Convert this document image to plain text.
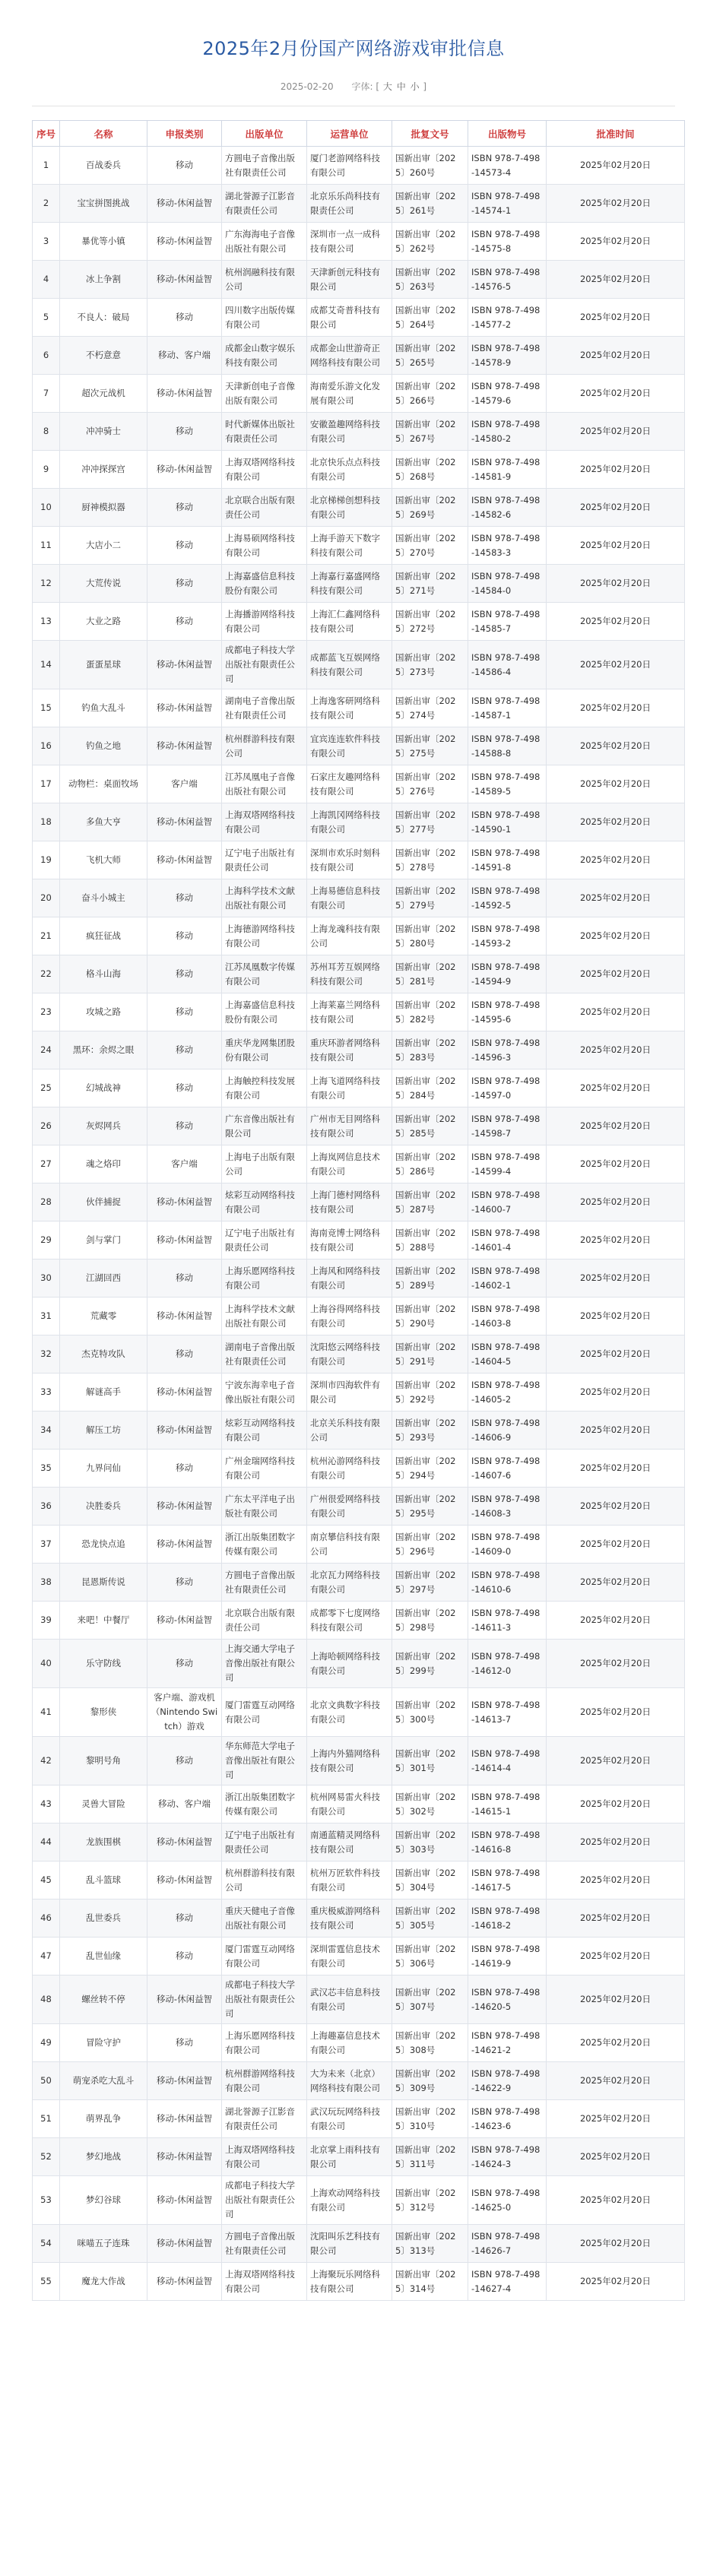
2025年2月份国产网络游戏审批信息
2025-02-20 字体: [ 大 中 小 ]
序号	名称	申报类别	出版单位	运营单位	批复文号	出版物号	批准时间
1	百战委兵	移动	方圆电子音像出版社有限责任公司	厦门老游网络科技有限公司	国新出审〔2025〕260号	ISBN 978-7-498-14573-4	2025年02月20日
2	宝宝拼图挑战	移动-休闲益智	湖北誉源子江影音有限责任公司	北京乐乐尚科技有限责任公司	国新出审〔2025〕261号	ISBN 978-7-498-14574-1	2025年02月20日
3	暴优等小镇	移动-休闲益智	广东海海电子音像出版社有限公司	深圳市一点一成科技有限公司	国新出审〔2025〕262号	ISBN 978-7-498-14575-8	2025年02月20日
4	冰上争割	移动-休闲益智	杭州润融科技有限公司	天津新创元科技有限公司	国新出审〔2025〕263号	ISBN 978-7-498-14576-5	2025年02月20日
5	不良人：破局	移动	四川数字出版传媒有限公司	成都艾奇普科技有限公司	国新出审〔2025〕264号	ISBN 978-7-498-14577-2	2025年02月20日
6	不朽意意	移动、客户端	成都金山数字娱乐科技有限公司	成都金山世游奇正网络科技有限公司	国新出审〔2025〕265号	ISBN 978-7-498-14578-9	2025年02月20日
7	超次元战机	移动-休闲益智	天津新创电子音像出版有限公司	海南爱乐游文化发展有限公司	国新出审〔2025〕266号	ISBN 978-7-498-14579-6	2025年02月20日
8	冲冲骑士	移动	时代新媒体出版社有限责任公司	安徽盈趣网络科技有限公司	国新出审〔2025〕267号	ISBN 978-7-498-14580-2	2025年02月20日
9	冲冲探探宫	移动-休闲益智	上海双塔网络科技有限公司	北京快乐点点科技有限公司	国新出审〔2025〕268号	ISBN 978-7-498-14581-9	2025年02月20日
10	厨神模拟器	移动	北京联合出版有限责任公司	北京梯梯创想科技有限公司	国新出审〔2025〕269号	ISBN 978-7-498-14582-6	2025年02月20日
11	大店小二	移动	上海易硕网络科技有限公司	上海手游天下数字科技有限公司	国新出审〔2025〕270号	ISBN 978-7-498-14583-3	2025年02月20日
12	大荒传说	移动	上海嘉盛信息科技股份有限公司	上海嘉行嘉盛网络科技有限公司	国新出审〔2025〕271号	ISBN 978-7-498-14584-0	2025年02月20日
13	大业之路	移动	上海播游网络科技有限公司	上海汇仁鑫网络科技有限公司	国新出审〔2025〕272号	ISBN 978-7-498-14585-7	2025年02月20日
14	蛋蛋星球	移动-休闲益智	成都电子科技大学出版社有限责任公司	成都蓝飞互娱网络科技有限公司	国新出审〔2025〕273号	ISBN 978-7-498-14586-4	2025年02月20日
15	钓鱼大乱斗	移动-休闲益智	湖南电子音像出版社有限责任公司	上海逸客研网络科技有限公司	国新出审〔2025〕274号	ISBN 978-7-498-14587-1	2025年02月20日
16	钓鱼之地	移动-休闲益智	杭州群游科技有限公司	宜宾连连软件科技有限公司	国新出审〔2025〕275号	ISBN 978-7-498-14588-8	2025年02月20日
17	动物栏：桌面牧场	客户端	江苏凤凰电子音像出版社有限公司	石家庄友趣网络科技有限公司	国新出审〔2025〕276号	ISBN 978-7-498-14589-5	2025年02月20日
18	多鱼大亨	移动-休闲益智	上海双塔网络科技有限公司	上海凯冈网络科技有限公司	国新出审〔2025〕277号	ISBN 978-7-498-14590-1	2025年02月20日
19	飞机大师	移动-休闲益智	辽宁电子出版社有限责任公司	深圳市欢乐时刻科技有限公司	国新出审〔2025〕278号	ISBN 978-7-498-14591-8	2025年02月20日
20	奋斗小城主	移动	上海科学技术文献出版社有限公司	上海易德信息科技有限公司	国新出审〔2025〕279号	ISBN 978-7-498-14592-5	2025年02月20日
21	疯狂征战	移动	上海德游网络科技有限公司	上海龙魂科技有限公司	国新出审〔2025〕280号	ISBN 978-7-498-14593-2	2025年02月20日
22	格斗山海	移动	江苏凤凰数字传媒有限公司	苏州耳芳互娱网络科技有限公司	国新出审〔2025〕281号	ISBN 978-7-498-14594-9	2025年02月20日
23	攻城之路	移动	上海嘉盛信息科技股份有限公司	上海莱嘉兰网络科技有限公司	国新出审〔2025〕282号	ISBN 978-7-498-14595-6	2025年02月20日
24	黑环：余烬之眼	移动	重庆华龙网集团股份有限公司	重庆环游者网络科技有限公司	国新出审〔2025〕283号	ISBN 978-7-498-14596-3	2025年02月20日
25	幻城战神	移动	上海触控科技发展有限公司	上海飞道网络科技有限公司	国新出审〔2025〕284号	ISBN 978-7-498-14597-0	2025年02月20日
26	灰烬网兵	移动	广东音像出版社有限公司	广州市无目网络科技有限公司	国新出审〔2025〕285号	ISBN 978-7-498-14598-7	2025年02月20日
27	魂之烙印	客户端	上海电子出版有限公司	上海岚网信息技术有限公司	国新出审〔2025〕286号	ISBN 978-7-498-14599-4	2025年02月20日
28	伙伴捕捉	移动-休闲益智	炫彩互动网络科技有限公司	上海门德村网络科技有限公司	国新出审〔2025〕287号	ISBN 978-7-498-14600-7	2025年02月20日
29	剑与掌门	移动-休闲益智	辽宁电子出版社有限责任公司	海南竞博士网络科技有限公司	国新出审〔2025〕288号	ISBN 978-7-498-14601-4	2025年02月20日
30	江湖回西	移动	上海乐愿网络科技有限公司	上海风和网络科技有限公司	国新出审〔2025〕289号	ISBN 978-7-498-14602-1	2025年02月20日
31	荒藏零	移动-休闲益智	上海科学技术文献出版社有限公司	上海谷得网络科技有限公司	国新出审〔2025〕290号	ISBN 978-7-498-14603-8	2025年02月20日
32	杰克特攻队	移动	湖南电子音像出版社有限责任公司	沈阳悠云网络科技有限公司	国新出审〔2025〕291号	ISBN 978-7-498-14604-5	2025年02月20日
33	解谜高手	移动-休闲益智	宁波东海幸电子音像出版社有限公司	深圳市四海软件有限公司	国新出审〔2025〕292号	ISBN 978-7-498-14605-2	2025年02月20日
34	解压工坊	移动-休闲益智	炫彩互动网络科技有限公司	北京关乐科技有限公司	国新出审〔2025〕293号	ISBN 978-7-498-14606-9	2025年02月20日
35	九界问仙	移动	广州金瑞网络科技有限公司	杭州沁游网络科技有限公司	国新出审〔2025〕294号	ISBN 978-7-498-14607-6	2025年02月20日
36	决胜委兵	移动-休闲益智	广东太平洋电子出版社有限公司	广州很爱网络科技有限公司	国新出审〔2025〕295号	ISBN 978-7-498-14608-3	2025年02月20日
37	恐龙快点追	移动-休闲益智	浙江出版集团数字传媒有限公司	南京攀信科技有限公司	国新出审〔2025〕296号	ISBN 978-7-498-14609-0	2025年02月20日
38	昆恩斯传说	移动	方圆电子音像出版社有限责任公司	北京瓦力网络科技有限公司	国新出审〔2025〕297号	ISBN 978-7-498-14610-6	2025年02月20日
39	来吧！中餐厅	移动-休闲益智	北京联合出版有限责任公司	成都零下七度网络科技有限公司	国新出审〔2025〕298号	ISBN 978-7-498-14611-3	2025年02月20日
40	乐守防线	移动	上海交通大学电子音像出版社有限公司	上海哈顿网络科技有限公司	国新出审〔2025〕299号	ISBN 978-7-498-14612-0	2025年02月20日
41	黎形侠	客户端、游戏机（Nintendo Switch）游戏	厦门雷霆互动网络有限公司	北京文典数字科技有限公司	国新出审〔2025〕300号	ISBN 978-7-498-14613-7	2025年02月20日
42	黎明号角	移动	华东师范大学电子音像出版社有限公司	上海内外猫网络科技有限公司	国新出审〔2025〕301号	ISBN 978-7-498-14614-4	2025年02月20日
43	灵兽大冒险	移动、客户端	浙江出版集团数字传媒有限公司	杭州网易雷火科技有限公司	国新出审〔2025〕302号	ISBN 978-7-498-14615-1	2025年02月20日
44	龙族围棋	移动-休闲益智	辽宁电子出版社有限责任公司	南通蓝精灵网络科技有限公司	国新出审〔2025〕303号	ISBN 978-7-498-14616-8	2025年02月20日
45	乱斗篮球	移动-休闲益智	杭州群游科技有限公司	杭州万匠软件科技有限公司	国新出审〔2025〕304号	ISBN 978-7-498-14617-5	2025年02月20日
46	乱世委兵	移动	重庆天健电子音像出版社有限公司	重庆极威游网络科技有限公司	国新出审〔2025〕305号	ISBN 978-7-498-14618-2	2025年02月20日
47	乱世仙缘	移动	厦门雷霆互动网络有限公司	深圳雷霆信息技术有限公司	国新出审〔2025〕306号	ISBN 978-7-498-14619-9	2025年02月20日
48	螺丝转不停	移动-休闲益智	成都电子科技大学出版社有限责任公司	武汉芯丰信息科技有限公司	国新出审〔2025〕307号	ISBN 978-7-498-14620-5	2025年02月20日
49	冒险守护	移动	上海乐愿网络科技有限公司	上海趣嘉信息技术有限公司	国新出审〔2025〕308号	ISBN 978-7-498-14621-2	2025年02月20日
50	萌宠杀吃大乱斗	移动-休闲益智	杭州群游网络科技有限公司	大为未来（北京）网络科技有限公司	国新出审〔2025〕309号	ISBN 978-7-498-14622-9	2025年02月20日
51	萌界乱争	移动-休闲益智	湖北誉源子江影音有限责任公司	武汉玩玩网络科技有限公司	国新出审〔2025〕310号	ISBN 978-7-498-14623-6	2025年02月20日
52	梦幻地战	移动-休闲益智	上海双塔网络科技有限公司	北京掌上雨科技有限公司	国新出审〔2025〕311号	ISBN 978-7-498-14624-3	2025年02月20日
53	梦幻谷球	移动-休闲益智	成都电子科技大学出版社有限责任公司	上海欢动网络科技有限公司	国新出审〔2025〕312号	ISBN 978-7-498-14625-0	2025年02月20日
54	咪喵五子连珠	移动-休闲益智	方圆电子音像出版社有限责任公司	沈阳叫乐艺科技有限公司	国新出审〔2025〕313号	ISBN 978-7-498-14626-7	2025年02月20日
55	魔龙大作战	移动-休闲益智	上海双塔网络科技有限公司	上海聚玩乐网络科技有限公司	国新出审〔2025〕314号	ISBN 978-7-498-14627-4	2025年02月20日
